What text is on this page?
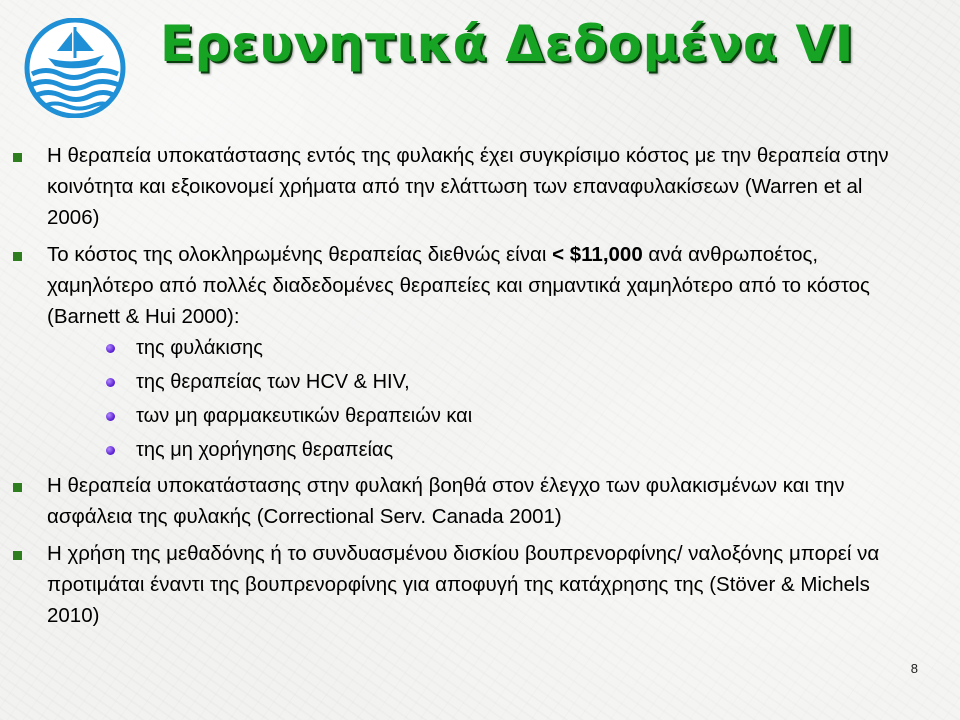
Ερευνητικά Δεδομένα VI
Η θεραπεία υποκατάστασης εντός της φυλακής έχει συγκρίσιμο κόστος με την θεραπεία στην κοινότητα και εξοικονομεί χρήματα από την ελάττωση των επαναφυλακίσεων (Warren et al 2006)
Το κόστος της ολοκληρωμένης θεραπείας διεθνώς είναι < $11,000 ανά ανθρωποέτος, χαμηλότερο από πολλές διαδεδομένες θεραπείες και σημαντικά χαμηλότερο από το κόστος (Barnett & Hui 2000):
της φυλάκισης
της θεραπείας των HCV & HIV,
των μη φαρμακευτικών θεραπειών και
της μη χορήγησης θεραπείας
Η θεραπεία υποκατάστασης στην φυλακή βοηθά στον έλεγχο των φυλακισμένων και την ασφάλεια της φυλακής (Correctional Serv. Canada 2001)
Η χρήση της μεθαδόνης ή το συνδυασμένου δισκίου βουπρενορφίνης/ ναλοξόνης μπορεί να προτιμάται έναντι της βουπρενορφίνης για αποφυγή της κατάχρησης της (Stöver & Michels 2010)
8
